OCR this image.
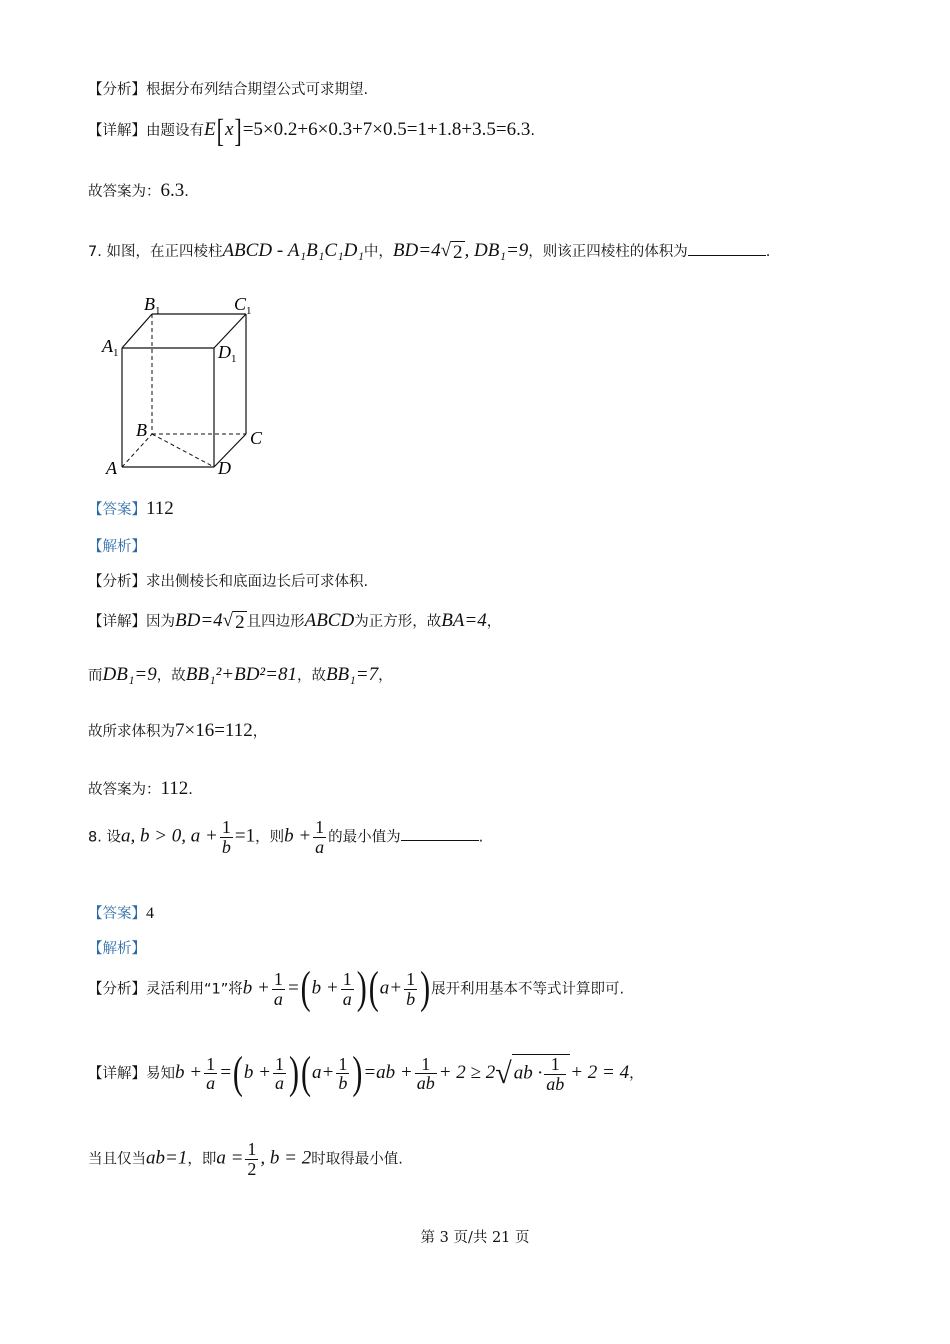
【分析】根据分布列结合期望公式可求期望.
【详解】由题设有E[x]=5×0.2+6×0.3+7×0.5=1+1.8+3.5=6.3.
故答案为：6.3.
7. 如图，在正四棱柱ABCD - A₁B₁C₁D₁中，BD=4√ 2 , DB₁=9，则该正四棱柱的体积为	.
$B_1$	$C_1$
$A_1$	$D_1$
B	C
A	D
【答案】112
【解析】
【分析】求出侧棱长和底面边长后可求体积.
【详解】因为BD=4√ 2 且四边形ABCD为正方形，故BA=4，
而DB₁=9，故BB₁²+BD²=81，故BB₁=7，
故所求体积为7×16=112，
故答案为：112.
8. 设a, b > 0, $a + \frac{1}{b} =1$，则$b + \frac{1}{a}$ 的最小值为	.
【答案】4
【解析】
【分析】灵活利用“1”将$b + \frac{1}{a} =(b + \frac{1}{a} )(a+ \frac{1}{b}$ )展开利用基本不等式计算即可.
【详解】易知$b + \frac{1}{a} =(b + \frac{1}{a} )(a+ \frac{1}{b} )=ab + \frac{1}{ab} + 2 \ge 2√$ ab · $\frac{1}{ab} + 2 = 4$，
当且仅当ab=1，即$a = \frac{1}{2}$ , b = 2时取得最小值.
第 3 页/共 21 页
